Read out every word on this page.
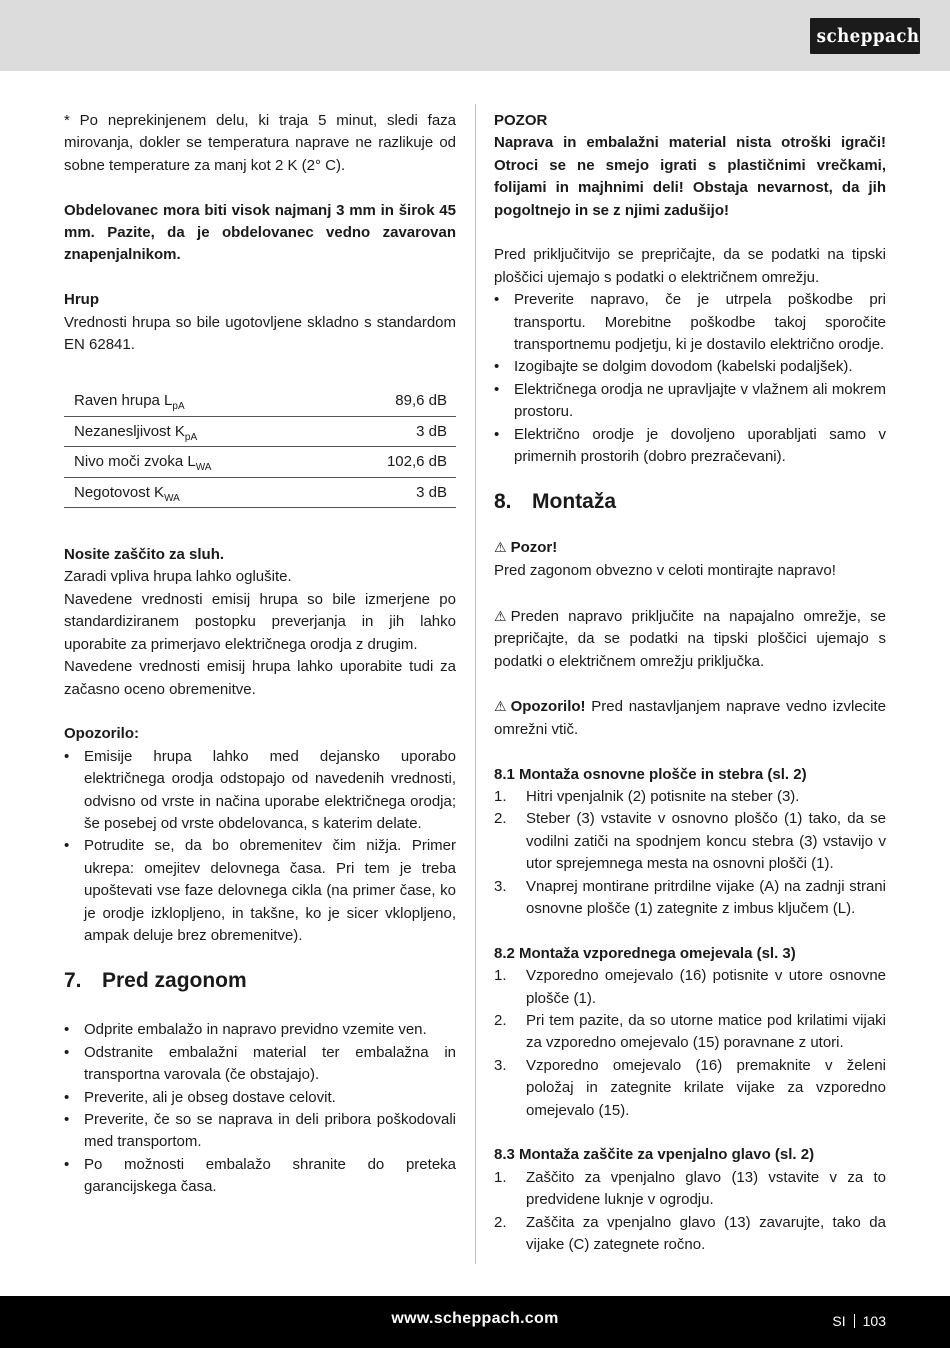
scheppach

* Po neprekinjenem delu, ki traja 5 minut, sledi faza mirovanja, dokler se temperatura naprave ne razlikuje od sobne temperature za manj kot 2 K (2° C).

Obdelovanec mora biti visok najmanj 3 mm in širok 45 mm. Pazite, da je obdelovanec vedno zavarovan znapenjalnikom.

Hrup

Vrednosti hrupa so bile ugotovljene skladno s standardom EN 62841.

Raven hrupa $L_{pA}$	89,6 dB
Nezanesljivost $K_{pA}$	3 dB
Nivo moči zvoka $L_{WA}$	102,6 dB
Negotovost $K_{WA}$	3 dB

Nosite zaščito za sluh.

Zaradi vpliva hrupa lahko oglušite.

Navedene vrednosti emisij hrupa so bile izmerjene po standardiziranem postopku preverjanja in jih lahko uporabite za primerjavo električnega orodja z drugim.

Navedene vrednosti emisij hrupa lahko uporabite tudi za začasno oceno obremenitve.

Opozorilo:

• Emisije hrupa lahko med dejansko uporabo električnega orodja odstopajo od navedenih vrednosti, odvisno od vrste in načina uporabe električnega orodja; še posebej od vrste obdelovanca, s katerim delate.
• Potrudite se, da bo obremenitev čim nižja. Primer ukrepa: omejitev delovnega časa. Pri tem je treba upoštevati vse faze delovnega cikla (na primer čase, ko je orodje izklopljeno, in takšne, ko je sicer vklopljeno, ampak deluje brez obremenitve).
7. Pred zagonom
• Odprite embalažo in napravo previdno vzemite ven.
• Odstranite embalažni material ter embalažna in transportna varovala (če obstajajo).
• Preverite, ali je obseg dostave celovit.
• Preverite, če so se naprava in deli pribora poškodovali med transportom.
• Po možnosti embalažo shranite do preteka garancijskega časa.

POZOR

Naprava in embalažni material nista otroški igrači! Otroci se ne smejo igrati s plastičnimi vrečkami, folijami in majhnimi deli! Obstaja nevarnost, da jih pogoltnejo in se z njimi zadušijo!

Pred priključitvijo se prepričajte, da se podatki na tipski ploščici ujemajo s podatki o električnem omrežju.

• Preverite napravo, če je utrpela poškodbe pri transportu. Morebitne poškodbe takoj sporočite transportnemu podjetju, ki je dostavilo električno orodje.
• Izogibajte se dolgim dovodom (kabelski podaljšek).
• Električnega orodja ne upravljajte v vlažnem ali mokrem prostoru.
• Električno orodje je dovoljeno uporabljati samo v primernih prostorih (dobro prezračevani).
8. Montaža

⚠ Pozor!

Pred zagonom obvezno v celoti montirajte napravo!

⚠ Preden napravo priključite na napajalno omrežje, se prepričajte, da se podatki na tipski ploščici ujemajo s podatki o električnem omrežju priključka.

⚠ Opozorilo! Pred nastavljanjem naprave vedno izvlecite omrežni vtič.

8.1 Montaža osnovne plošče in stebra (sl. 2)

1. Hitri vpenjalnik (2) potisnite na steber (3).
2. Steber (3) vstavite v osnovno ploščo (1) tako, da se vodilni zatiči na spodnjem koncu stebra (3) vstavijo v utor sprejemnega mesta na osnovni plošči (1).
3. Vnaprej montirane pritrdilne vijake (A) na zadnji strani osnovne plošče (1) zategnite z imbus ključem (L).

8.2 Montaža vzporednega omejevala (sl. 3)

1. Vzporedno omejevalo (16) potisnite v utore osnovne plošče (1).
2. Pri tem pazite, da so utorne matice pod krilatimi vijaki za vzporedno omejevalo (15) poravnane z utori.
3. Vzporedno omejevalo (16) premaknite v želeni položaj in zategnite krilate vijake za vzporedno omejevalo (15).

8.3 Montaža zaščite za vpenjalno glavo (sl. 2)

1. Zaščito za vpenjalno glavo (13) vstavite v za to predvidene luknje v ogrodju.
2. Zaščita za vpenjalno glavo (13) zavarujte, tako da vijake (C) zategnete ročno.
www.scheppach.com	SI 103
